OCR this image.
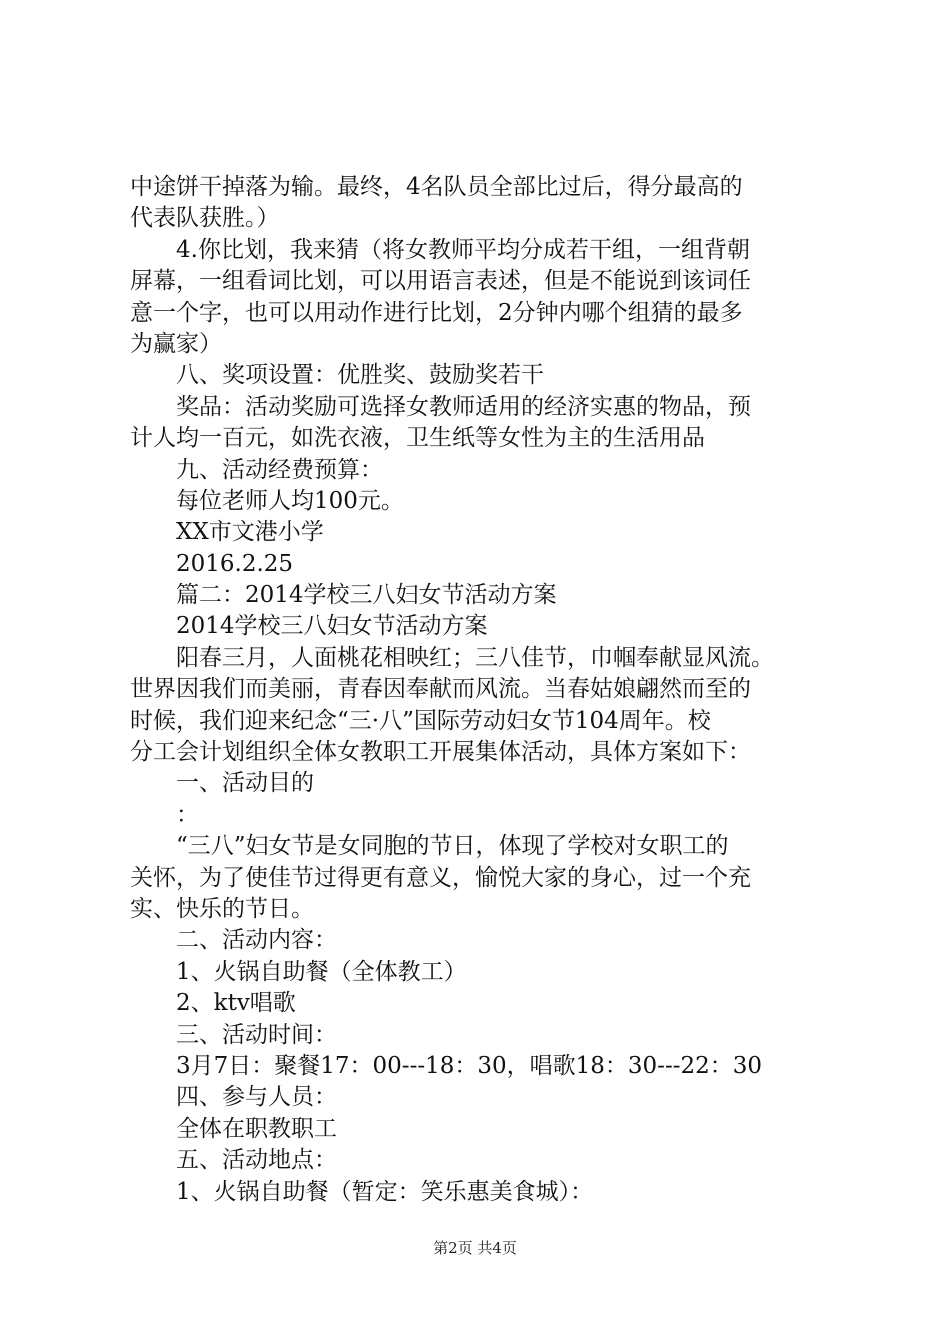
中途饼干掉落为输。最终，4名队员全部比过后，得分最高的
代表队获胜。）
4.你比划，我来猜（将女教师平均分成若干组，一组背朝
屏幕，一组看词比划，可以用语言表述，但是不能说到该词任
意一个字，也可以用动作进行比划，2分钟内哪个组猜的最多
为赢家）
八、奖项设置：优胜奖、鼓励奖若干
奖品：活动奖励可选择女教师适用的经济实惠的物品，预
计人均一百元，如洗衣液，卫生纸等女性为主的生活用品
九、活动经费预算：
每位老师人均100元。
XX市文港小学
2016.2.25
篇二：2014学校三八妇女节活动方案
2014学校三八妇女节活动方案
阳春三月，人面桃花相映红；三八佳节，巾帼奉献显风流。
世界因我们而美丽，青春因奉献而风流。当春姑娘翩然而至的
时候，我们迎来纪念“三·八”国际劳动妇女节104周年。校
分工会计划组织全体女教职工开展集体活动，具体方案如下：
一、活动目的
：
“三八”妇女节是女同胞的节日，体现了学校对女职工的
关怀，为了使佳节过得更有意义，愉悦大家的身心，过一个充
实、快乐的节日。
二、活动内容：
1、火锅自助餐（全体教工）
2、ktv唱歌
三、活动时间：
3月7日：聚餐17：00---18：30，唱歌18：30---22：30
四、参与人员：
全体在职教职工
五、活动地点：
1、火锅自助餐（暂定：笑乐惠美食城）：
第2页 共4页
